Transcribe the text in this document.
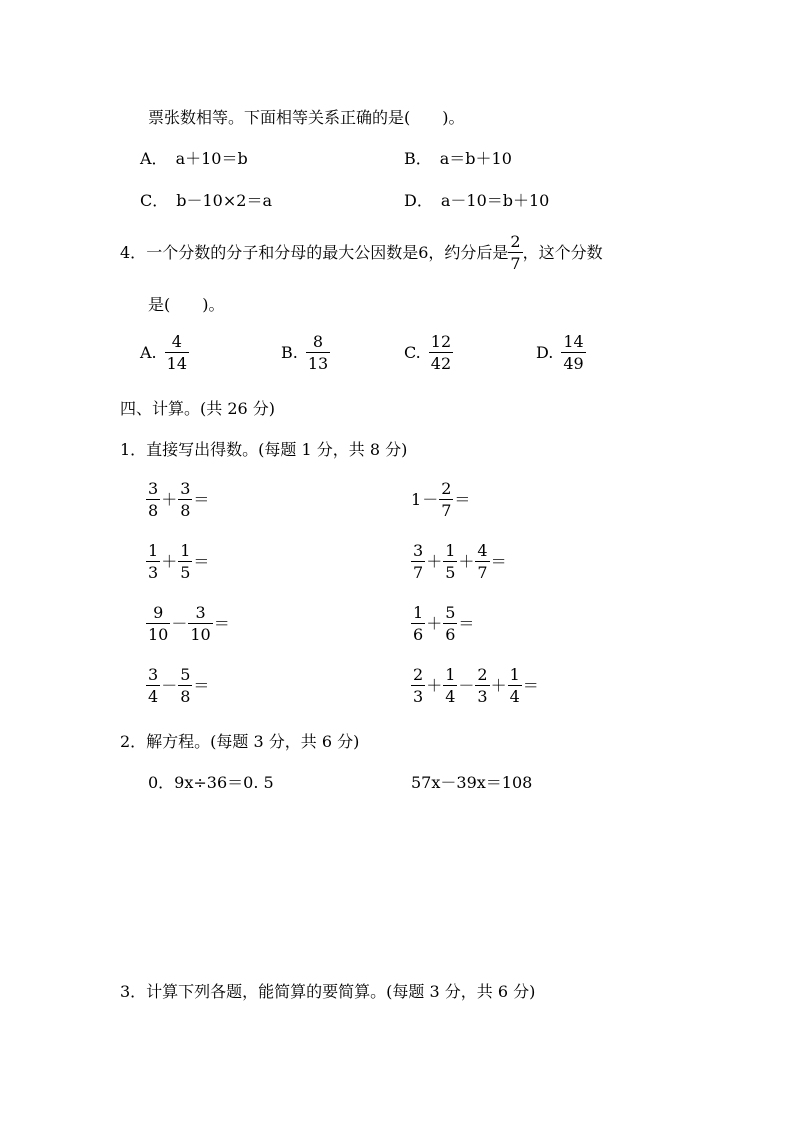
票张数相等。下面相等关系正确的是(　　)。
A． a＋10＝b	B． a＝b＋10
C． b－10×2＝a	D． a－10＝b＋10
4． 一个分数的分子和分母的最大公因数是6，约分后是 $\frac{2}{7}$ ，这个分数
是(　　)。
A. $\frac{4}{14}$	B. $\frac{8}{13}$	C. $\frac{12}{42}$	D. $\frac{14}{49}$
四、计算。(共 26 分)
1．直接写出得数。(每题 1 分，共 8 分)
$\frac{3}{8} + \frac{3}{8}$ ＝	$1 - \frac{2}{7}$ ＝
$\frac{1}{3} + \frac{1}{5}$ ＝	$\frac{3}{7} + \frac{1}{5} + \frac{4}{7}$ ＝
$\frac{9}{10} - \frac{3}{10}$ ＝	$\frac{1}{6} + \frac{5}{6}$ ＝
$\frac{3}{4} - \frac{5}{8}$ ＝	$\frac{2}{3} + \frac{1}{4} - \frac{2}{3} + \frac{1}{4}$ ＝
2．解方程。(每题 3 分，共 6 分)
0．9x÷36＝0. 5	57x－39x＝108
3．计算下列各题，能简算的要简算。(每题 3 分，共 6 分)
